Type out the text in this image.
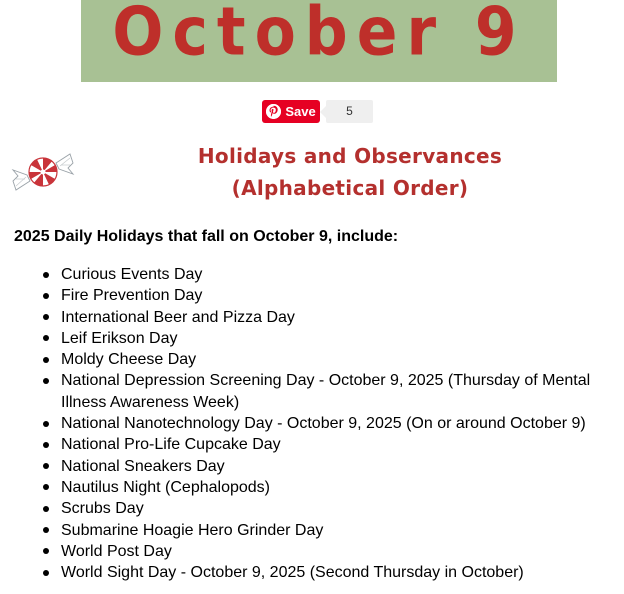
October 9
Save	5
Holidays and Observances
(Alphabetical Order)

2025 Daily Holidays that fall on October 9, include:

Curious Events Day
Fire Prevention Day
International Beer and Pizza Day
Leif Erikson Day
Moldy Cheese Day
National Depression Screening Day - October 9, 2025 (Thursday of Mental Illness Awareness Week)
National Nanotechnology Day - October 9, 2025 (On or around October 9)
National Pro-Life Cupcake Day
National Sneakers Day
Nautilus Night (Cephalopods)
Scrubs Day
Submarine Hoagie Hero Grinder Day
World Post Day
World Sight Day - October 9, 2025 (Second Thursday in October)
